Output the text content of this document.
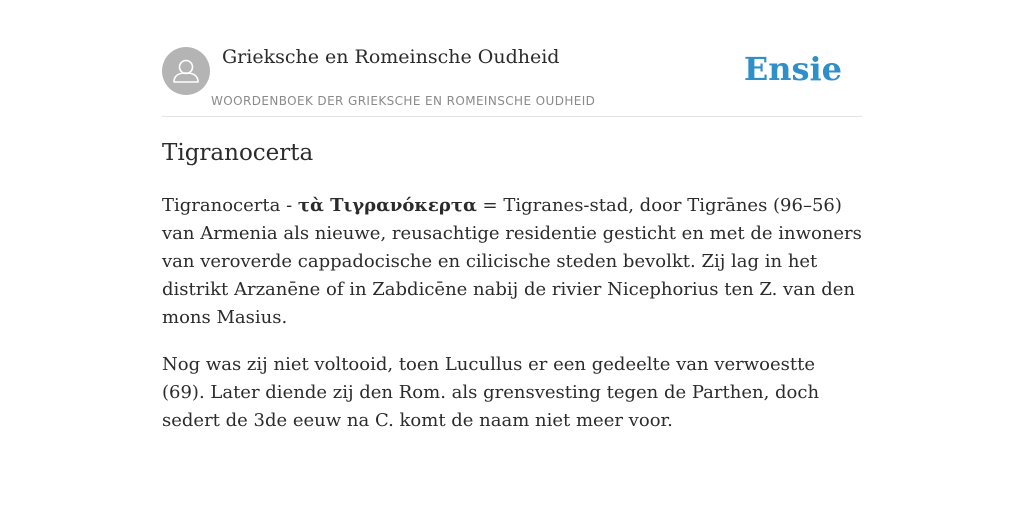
Grieksche en Romeinsche Oudheid
WOORDENBOEK DER GRIEKSCHE EN ROMEINSCHE OUDHEID
Ensie
Tigranocerta

Tigranocerta - τὰ Τιγρανόκερτα = Tigranes-stad, door Tigrānes (96–56) van Armenia als nieuwe, reusachtige residentie gesticht en met de inwoners van veroverde cappadocische en cilicische steden bevolkt. Zij lag in het distrikt Arzanēne of in Zabdicēne nabij de rivier Nicephorius ten Z. van den mons Masius.

Nog was zij niet voltooid, toen Lucullus er een gedeelte van verwoestte (69). Later diende zij den Rom. als grensvesting tegen de Parthen, doch sedert de 3de eeuw na C. komt de naam niet meer voor.
